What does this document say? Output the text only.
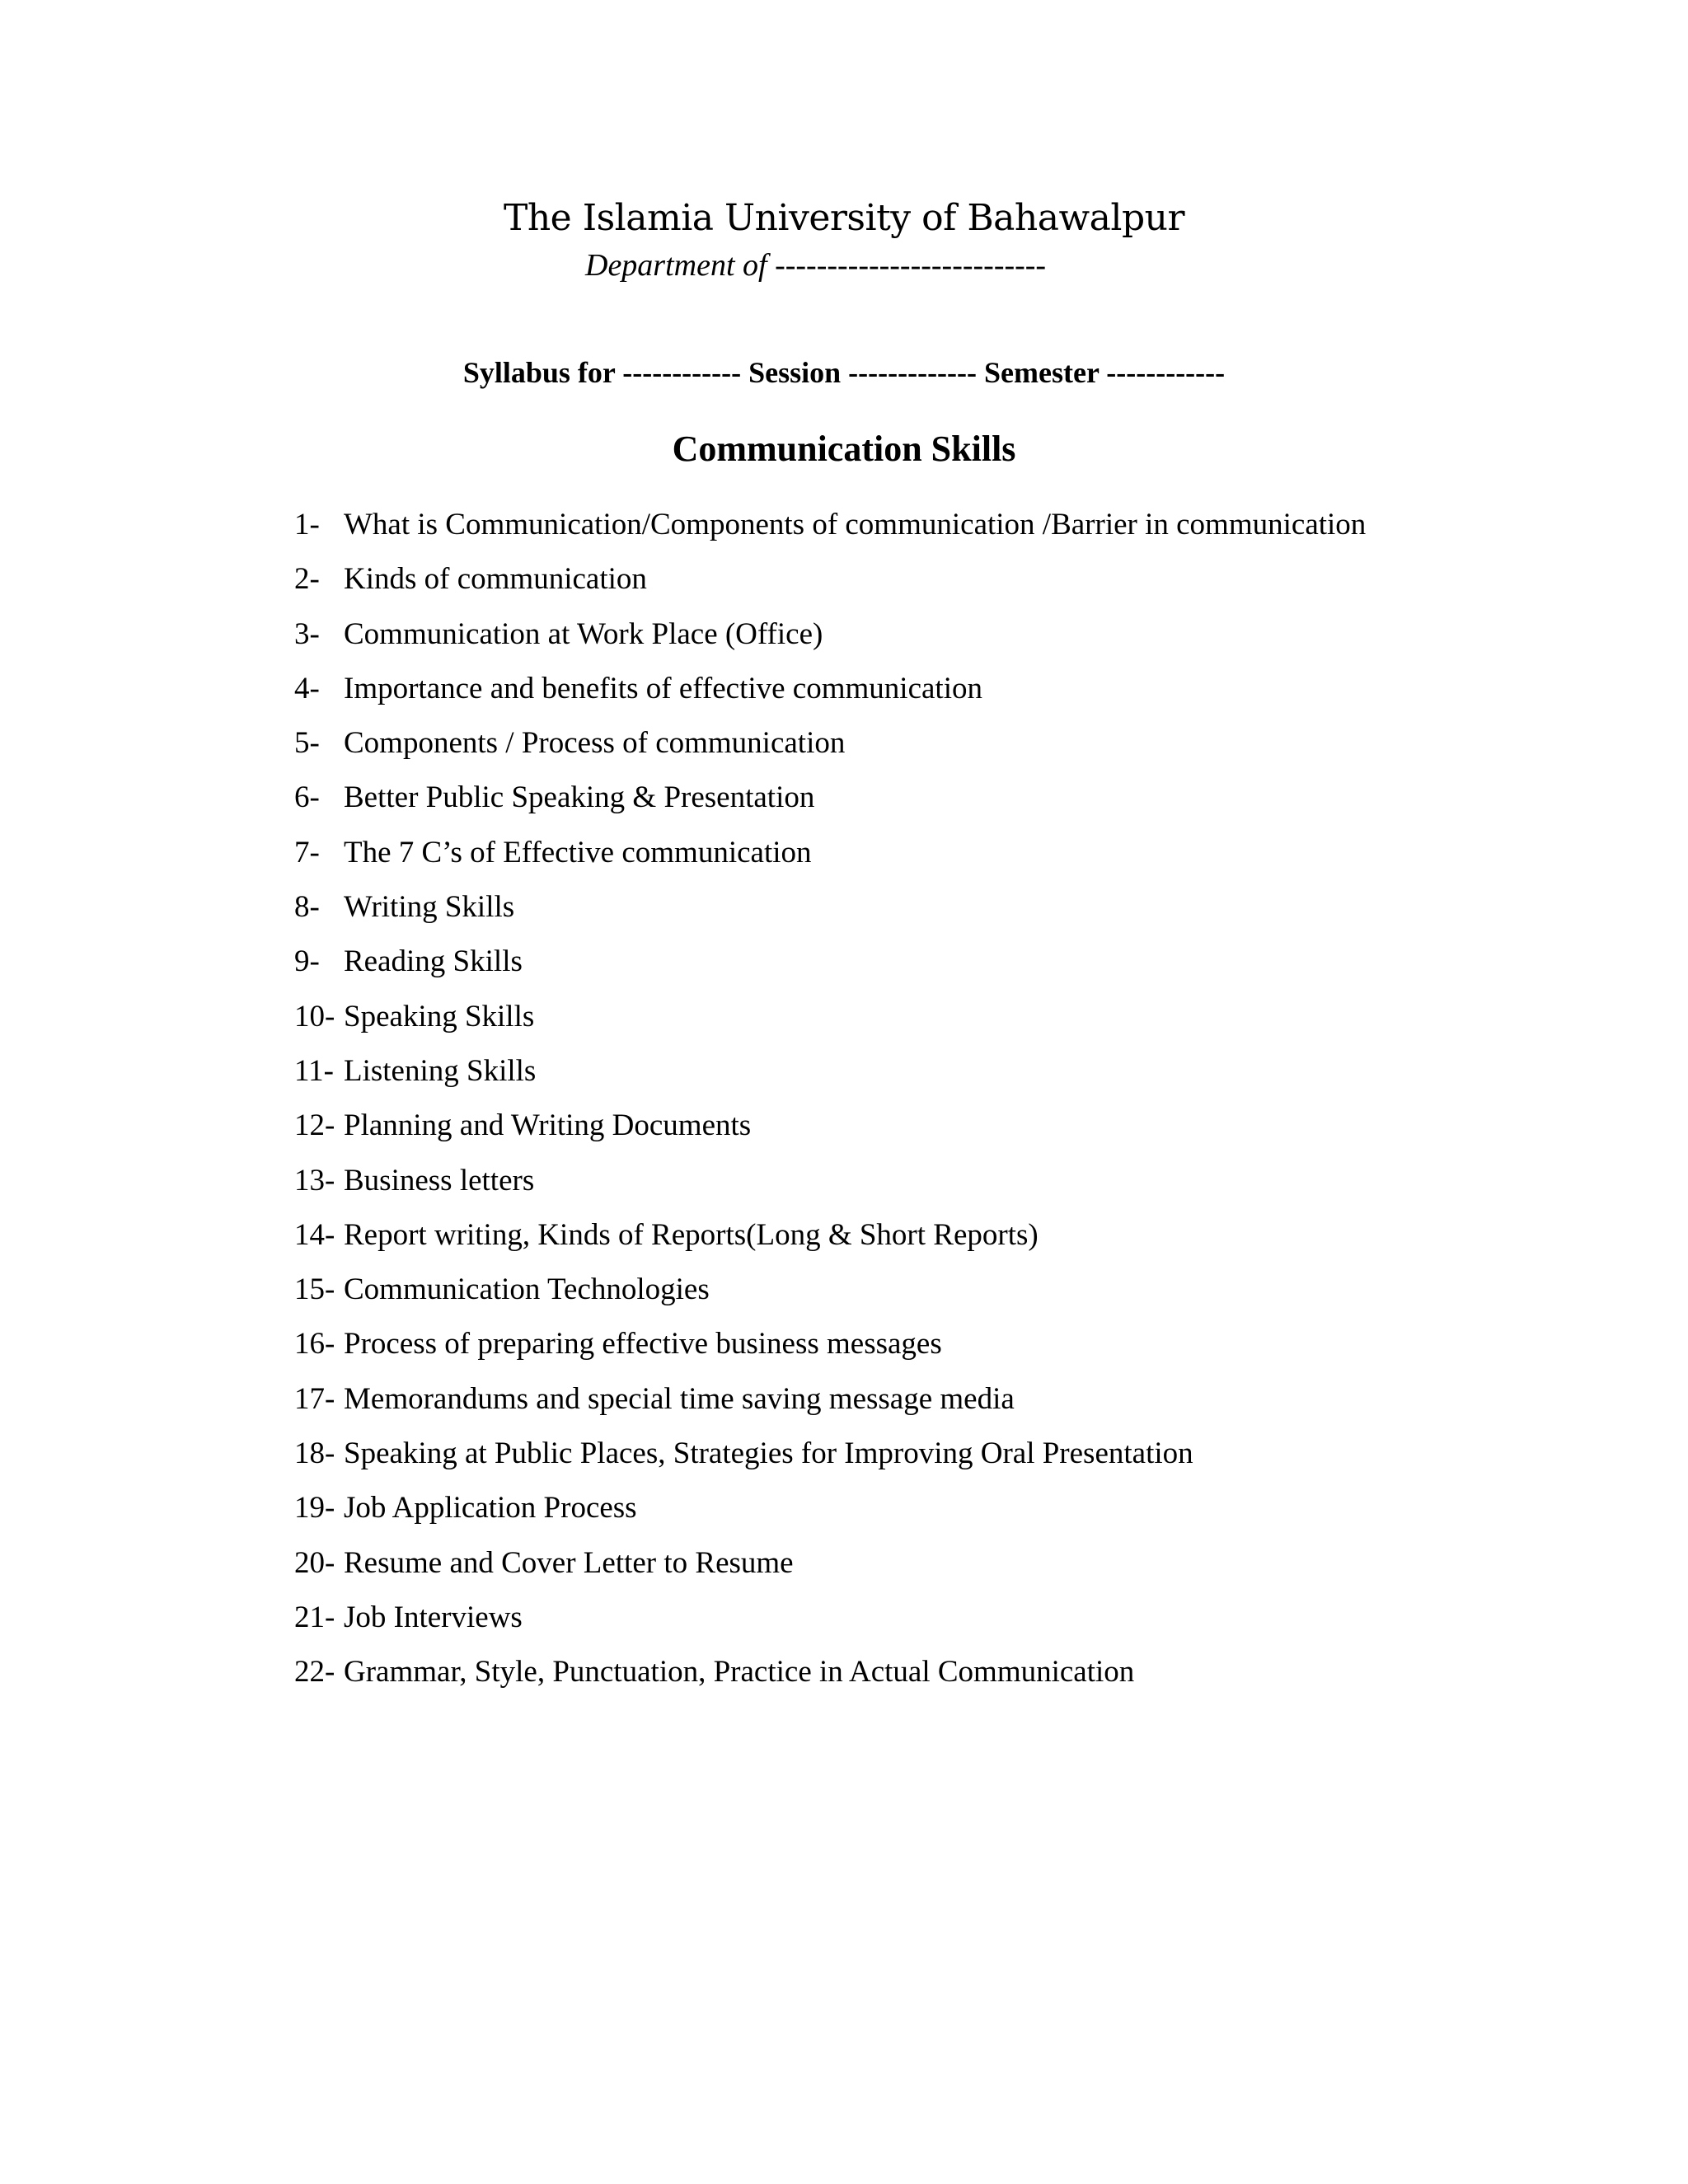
The Islamia University of Bahawalpur
Department of --------------------------
Syllabus for ------------ Session ------------- Semester ------------
Communication Skills
1- What is Communication/Components of communication /Barrier in communication
2- Kinds of communication
3- Communication at Work Place (Office)
4- Importance and benefits of effective communication
5- Components / Process of communication
6- Better Public Speaking & Presentation
7- The 7 C’s of Effective communication
8- Writing Skills
9- Reading Skills
10- Speaking Skills
11- Listening Skills
12- Planning and Writing Documents
13- Business letters
14- Report writing, Kinds of Reports(Long & Short Reports)
15- Communication Technologies
16- Process of preparing effective business messages
17- Memorandums and special time saving message media
18- Speaking at Public Places, Strategies for Improving Oral Presentation
19- Job Application Process
20- Resume and Cover Letter to Resume
21- Job Interviews
22- Grammar, Style, Punctuation, Practice in Actual Communication
